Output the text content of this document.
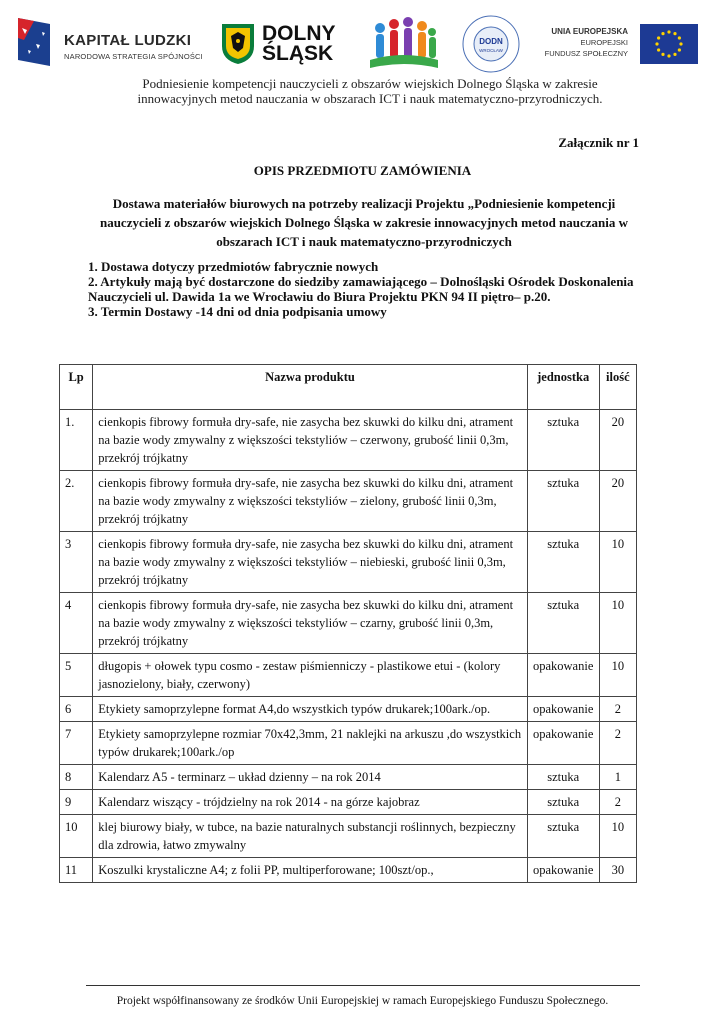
KAPITAŁ LUDZKI
NARODOWA STRATEGIA SPÓJNOŚCI
DOLNY
ŚLĄSK
DODN
WROCŁAW
UNIA EUROPEJSKA
EUROPEJSKI
FUNDUSZ SPOŁECZNY
Podniesienie kompetencji nauczycieli z obszarów wiejskich Dolnego Śląska w zakresie
innowacyjnych metod nauczania w obszarach ICT i nauk matematyczno-przyrodniczych.
Załącznik nr 1
OPIS PRZEDMIOTU ZAMÓWIENIA
Dostawa materiałów biurowych na potrzeby realizacji Projektu „Podniesienie kompetencji nauczycieli z obszarów wiejskich Dolnego Śląska w zakresie innowacyjnych metod nauczania w obszarach ICT i nauk matematyczno-przyrodniczych
1. Dostawa dotyczy przedmiotów fabrycznie nowych
2. Artykuły mają być dostarczone do siedziby zamawiającego – Dolnośląski Ośrodek Doskonalenia Nauczycieli ul. Dawida 1a we Wrocławiu do Biura Projektu PKN 94 II piętro– p.20.
3. Termin Dostawy -14 dni od dnia podpisania umowy
Lp	Nazwa produktu	jednostka	ilość
1.	cienkopis fibrowy formuła dry-safe, nie zasycha bez skuwki do kilku dni, atrament na bazie wody zmywalny z większości tekstyliów – czerwony, grubość linii 0,3m, przekrój trójkatny	sztuka	20
2.	cienkopis fibrowy formuła dry-safe, nie zasycha bez skuwki do kilku dni, atrament na bazie wody zmywalny z większości tekstyliów – zielony, grubość linii 0,3m, przekrój trójkatny	sztuka	20
3	cienkopis fibrowy formuła dry-safe, nie zasycha bez skuwki do kilku dni, atrament na bazie wody zmywalny z większości tekstyliów – niebieski, grubość linii 0,3m, przekrój trójkatny	sztuka	10
4	cienkopis fibrowy formuła dry-safe, nie zasycha bez skuwki do kilku dni, atrament na bazie wody zmywalny z większości tekstyliów – czarny, grubość linii 0,3m, przekrój trójkatny	sztuka	10
5	długopis + ołowek typu cosmo - zestaw piśmienniczy - plastikowe etui - (kolory jasnozielony, biały, czerwony)	opakowanie	10
6	Etykiety samoprzylepne format A4,do wszystkich typów drukarek;100ark./op.	opakowanie	2
7	Etykiety samoprzylepne rozmiar 70x42,3mm, 21 naklejki na arkuszu ,do wszystkich typów drukarek;100ark./op	opakowanie	2
8	Kalendarz A5 - terminarz – układ dzienny – na rok 2014	sztuka	1
9	Kalendarz wiszący - trójdzielny na rok 2014 - na górze kajobraz	sztuka	2
10	klej biurowy biały, w tubce, na bazie naturalnych substancji roślinnych, bezpieczny dla zdrowia, łatwo zmywalny	sztuka	10
11	Koszulki krystaliczne A4; z folii PP, multiperforowane; 100szt/op.,	opakowanie	30
Projekt współfinansowany ze środków Unii Europejskiej w ramach Europejskiego Funduszu Społecznego.
